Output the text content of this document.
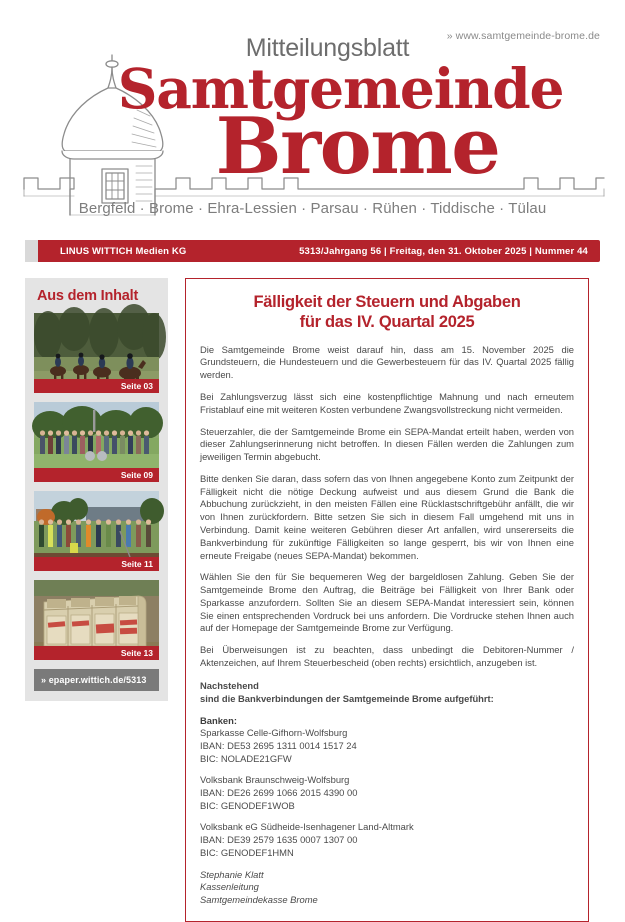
» www.samtgemeinde-brome.de
Mitteilungsblatt
Samtgemeinde
Brome
Bergfeld · Brome · Ehra-Lessien · Parsau · Rühen · Tiddische · Tülau
LINUS WITTICH Medien KG	5313/Jahrgang 56 | Freitag, den 31. Oktober 2025 | Nummer 44
Aus dem Inhalt
Seite 03
Seite 09
Seite 11
Seite 13
» epaper.wittich.de/5313
Fälligkeit der Steuern und Abgaben
für das IV. Quartal 2025

Die Samtgemeinde Brome weist darauf hin, dass am 15. November 2025 die Grundsteuern, die Hundesteuern und die Gewerbesteuern für das IV. Quartal 2025 fällig werden.

Bei Zahlungsverzug lässt sich eine kostenpflichtige Mahnung und nach erneutem Fristablauf eine mit weiteren Kosten verbundene Zwangsvollstreckung nicht vermeiden.

Steuerzahler, die der Samtgemeinde Brome ein SEPA-Mandat erteilt haben, werden von dieser Zahlungserinnerung nicht betroffen. In diesen Fällen werden die Zahlungen zum jeweiligen Termin abgebucht.

Bitte denken Sie daran, dass sofern das von Ihnen angegebene Konto zum Zeitpunkt der Fälligkeit nicht die nötige Deckung aufweist und aus diesem Grund die Bank die Abbuchung zurückzieht, in den meisten Fällen eine Rücklastschriftgebühr anfällt, die wir von Ihnen zurückfordern. Bitte setzen Sie sich in diesem Fall umgehend mit uns in Verbindung. Damit keine weiteren Gebühren dieser Art anfallen, wird unsererseits die Bankverbindung für zukünftige Fälligkeiten so lange gesperrt, bis wir von Ihnen eine erneute Freigabe (neues SEPA-Mandat) bekommen.

Wählen Sie den für Sie bequemeren Weg der bargeldlosen Zahlung. Geben Sie der Samtgemeinde Brome den Auftrag, die Beiträge bei Fälligkeit von Ihrer Bank oder Sparkasse anzufordern. Sollten Sie an diesem SEPA-Mandat interessiert sein, können Sie einen entsprechenden Vordruck bei uns anfordern. Die Vordrucke stehen Ihnen auch auf der Homepage der Samtgemeinde Brome zur Verfügung.

Bei Überweisungen ist zu beachten, dass unbedingt die Debitoren-Nummer / Aktenzeichen, auf Ihrem Steuerbescheid (oben rechts) ersichtlich, anzugeben ist.

Nachstehend
sind die Bankverbindungen der Samtgemeinde Brome aufgeführt:

Banken:
Sparkasse Celle-Gifhorn-Wolfsburg
IBAN: DE53 2695 1311 0014 1517 24
BIC: NOLADE21GFW
Volksbank Braunschweig-Wolfsburg
IBAN: DE26 2699 1066 2015 4390 00
BIC: GENODEF1WOB
Volksbank eG Südheide-Isenhagener Land-Altmark
IBAN: DE39 2579 1635 0007 1307 00
BIC: GENODEF1HMN
Stephanie Klatt
Kassenleitung
Samtgemeindekasse Brome
